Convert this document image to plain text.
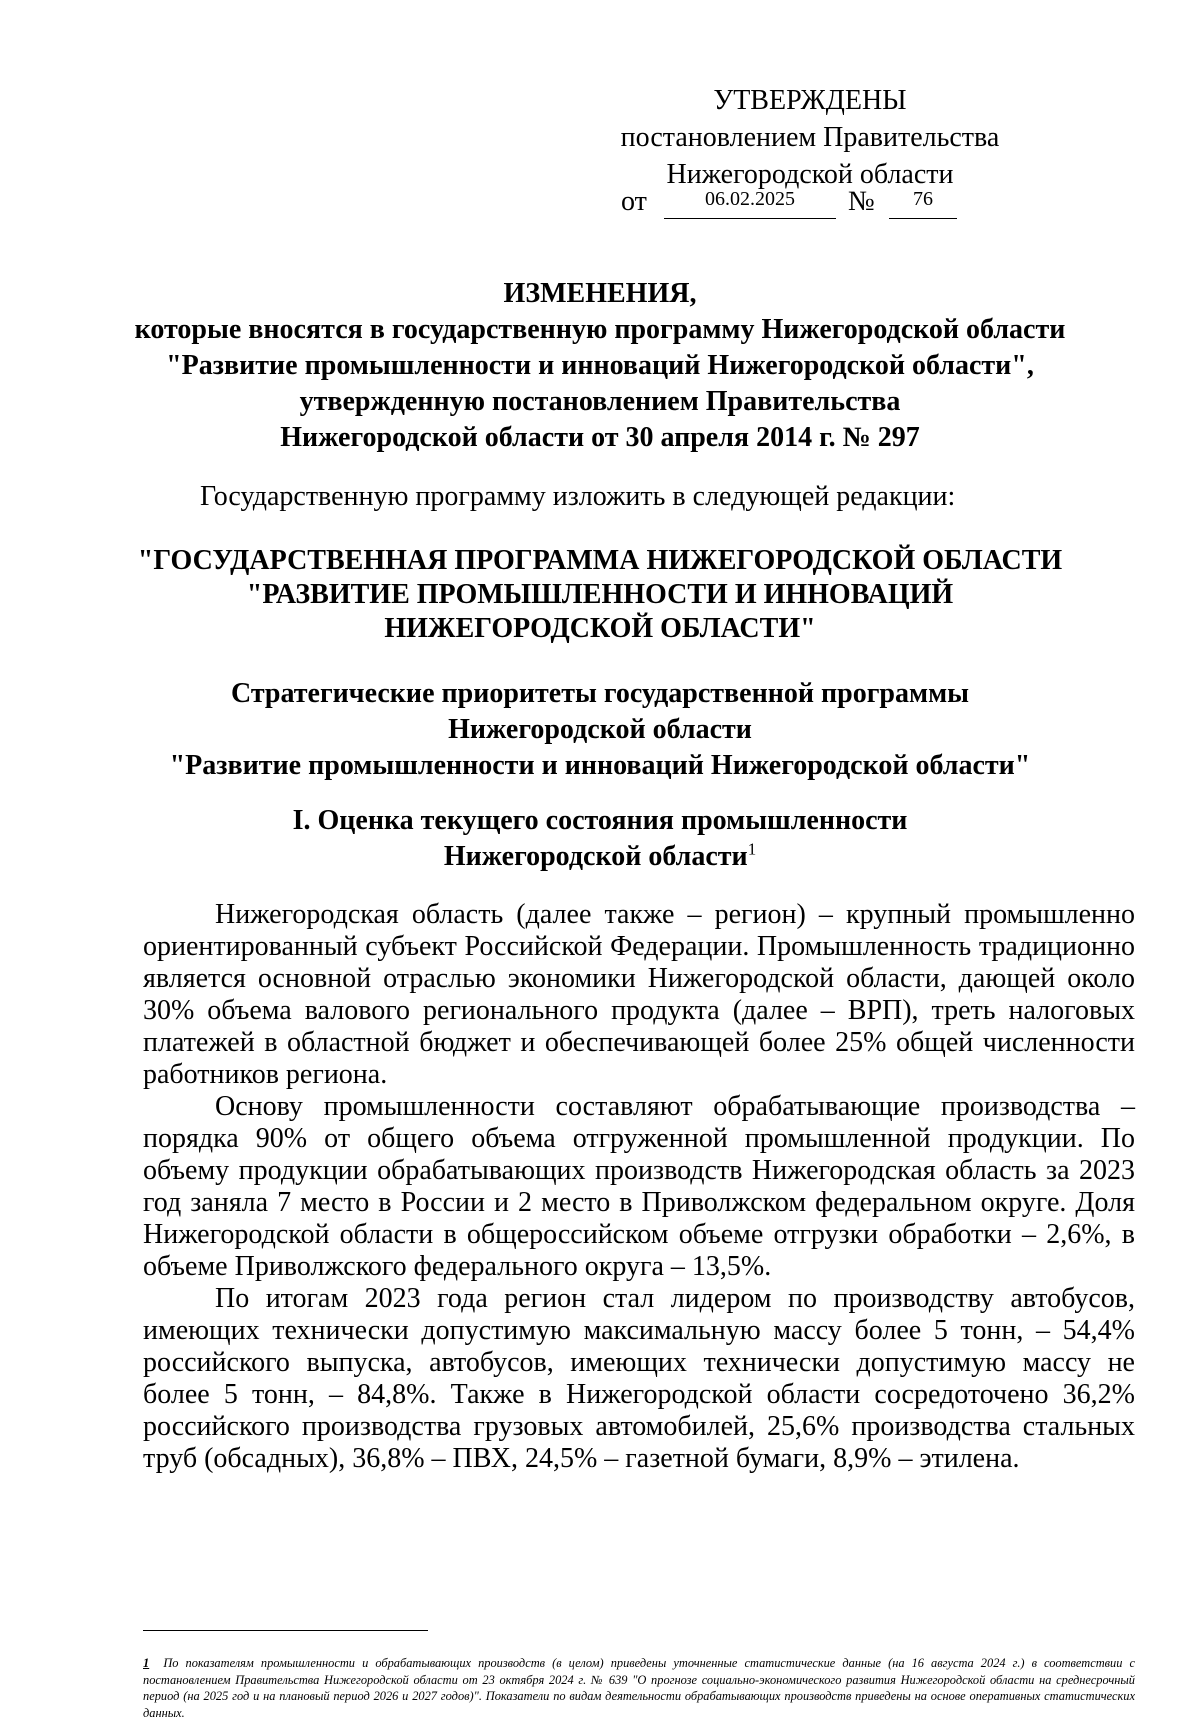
УТВЕРЖДЕНЫ
постановлением Правительства
Нижегородской области
от	06.02.2025	№	76
ИЗМЕНЕНИЯ,
которые вносятся в государственную программу Нижегородской области
"Развитие промышленности и инноваций Нижегородской области",
утвержденную постановлением Правительства
Нижегородской области от 30 апреля 2014 г. № 297
Государственную программу изложить в следующей редакции:
"ГОСУДАРСТВЕННАЯ ПРОГРАММА НИЖЕГОРОДСКОЙ ОБЛАСТИ
"РАЗВИТИЕ ПРОМЫШЛЕННОСТИ И ИННОВАЦИЙ
НИЖЕГОРОДСКОЙ ОБЛАСТИ"
Стратегические приоритеты государственной программы
Нижегородской области
"Развитие промышленности и инноваций Нижегородской области"
I. Оценка текущего состояния промышленности
Нижегородской области$^1$

Нижегородская область (далее также – регион) – крупный промышленно ориентированный субъект Российской Федерации. Промышленность традиционно является основной отраслью экономики Нижегородской области, дающей около 30% объема валового регионального продукта (далее – ВРП), треть налоговых платежей в областной бюджет и обеспечивающей более 25% общей численности работников региона.

Основу промышленности составляют обрабатывающие производства – порядка 90% от общего объема отгруженной промышленной продукции. По объему продукции обрабатывающих производств Нижегородская область за 2023 год заняла 7 место в России и 2 место в Приволжском федеральном округе. Доля Нижегородской области в общероссийском объеме отгрузки обработки – 2,6%, в объеме Приволжского федерального округа – 13,5%.

По итогам 2023 года регион стал лидером по производству автобусов, имеющих технически допустимую максимальную массу более 5 тонн, – 54,4% российского выпуска, автобусов, имеющих технически допустимую массу не более 5 тонн, – 84,8%. Также в Нижегородской области сосредоточено 36,2% российского производства грузовых автомобилей, 25,6% производства стальных труб (обсадных), 36,8% – ПВХ, 24,5% – газетной бумаги, 8,9% – этилена.

1 По показателям промышленности и обрабатывающих производств (в целом) приведены уточненные статистические данные (на 16 августа 2024 г.) в соответствии с постановлением Правительства Нижегородской области от 23 октября 2024 г. № 639 "О прогнозе социально-экономического развития Нижегородской области на среднесрочный период (на 2025 год и на плановый период 2026 и 2027 годов)". Показатели по видам деятельности обрабатывающих производств приведены на основе оперативных статистических данных.
